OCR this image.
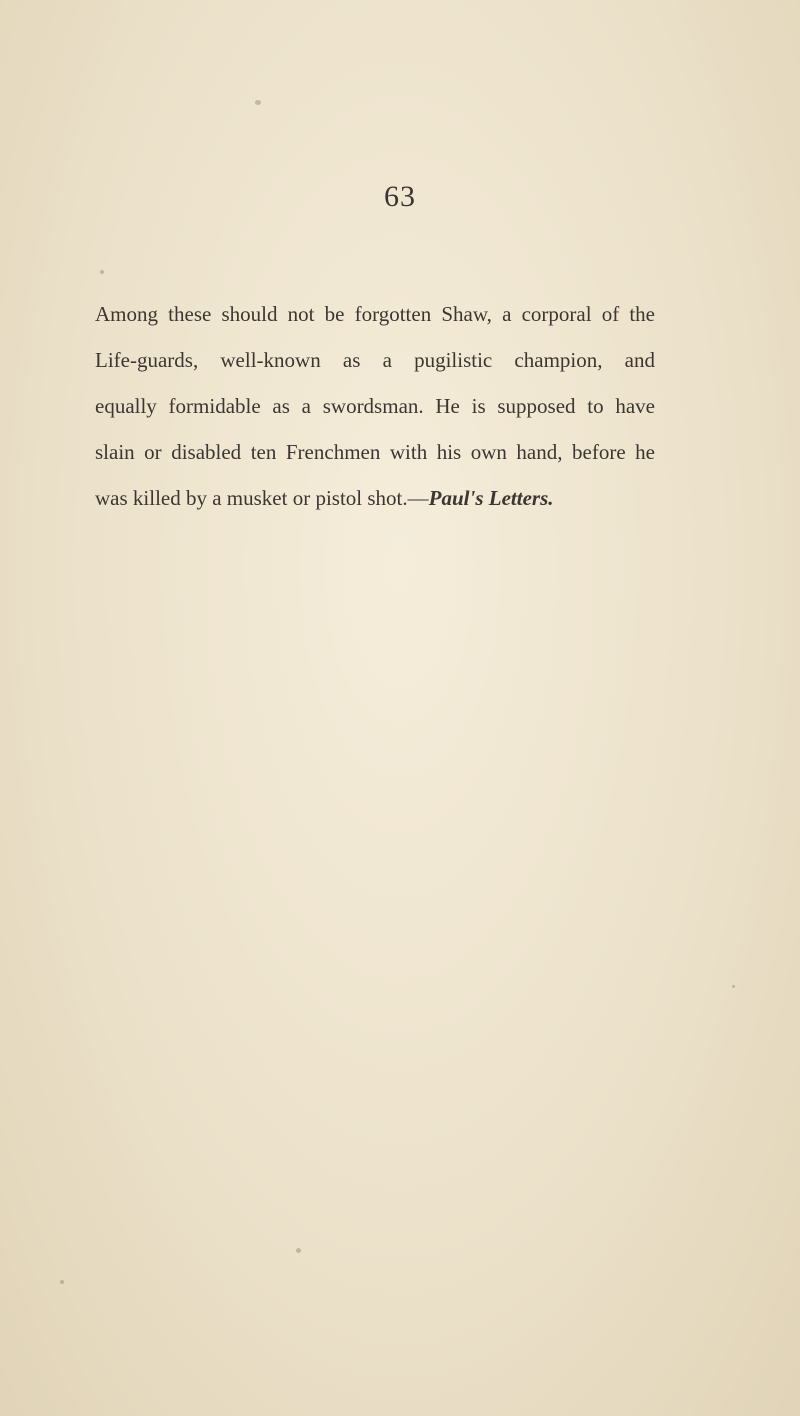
63
Among these should not be forgotten Shaw, a corporal of the
Life-guards, well-known as a pugilistic champion, and
equally formidable as a swordsman. He is supposed to have
slain or disabled ten Frenchmen with his own hand, before he
was killed by a musket or pistol shot.—Paul's Letters.
